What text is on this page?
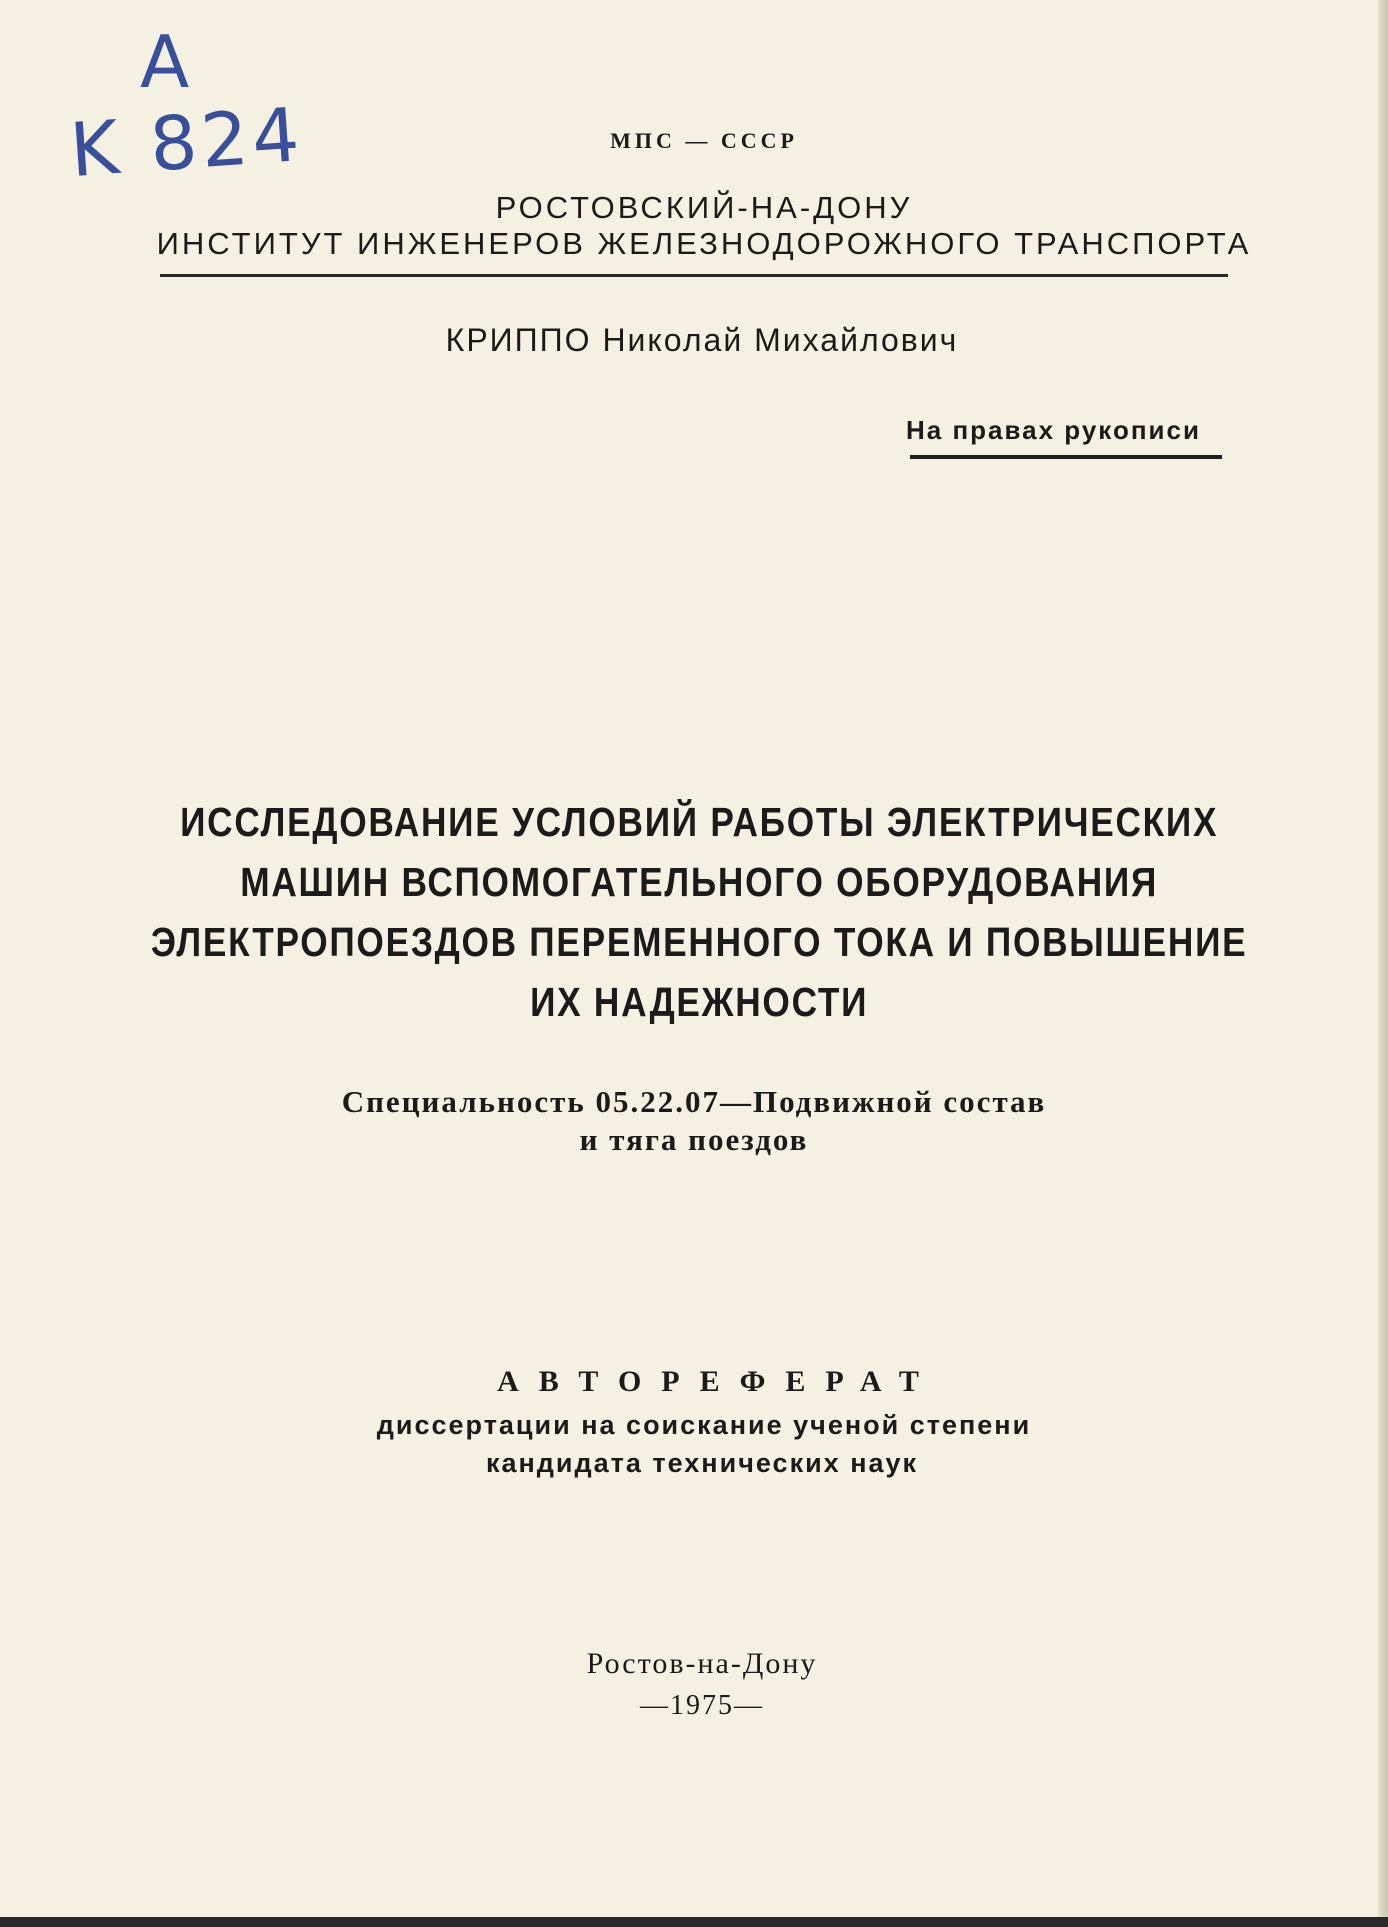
А
K 824	МПС — СССР
РОСТОВСКИЙ-НА-ДОНУ
ИНСТИТУТ ИНЖЕНЕРОВ ЖЕЛЕЗНОДОРОЖНОГО ТРАНСПОРТА
КРИППО Николай Михайлович
На правах рукописи
ИССЛЕДОВАНИЕ УСЛОВИЙ РАБОТЫ ЭЛЕКТРИЧЕСКИХ
МАШИН ВСПОМОГАТЕЛЬНОГО ОБОРУДОВАНИЯ
ЭЛЕКТРОПОЕЗДОВ ПЕРЕМЕННОГО ТОКА И ПОВЫШЕНИЕ
ИХ НАДЕЖНОСТИ
Специальность 05.22.07—Подвижной состав
и тяга поездов
АВТОРЕФЕРАТ
диссертации на соискание ученой степени
кандидата технических наук
Ростов-на-Дону
—1975—
